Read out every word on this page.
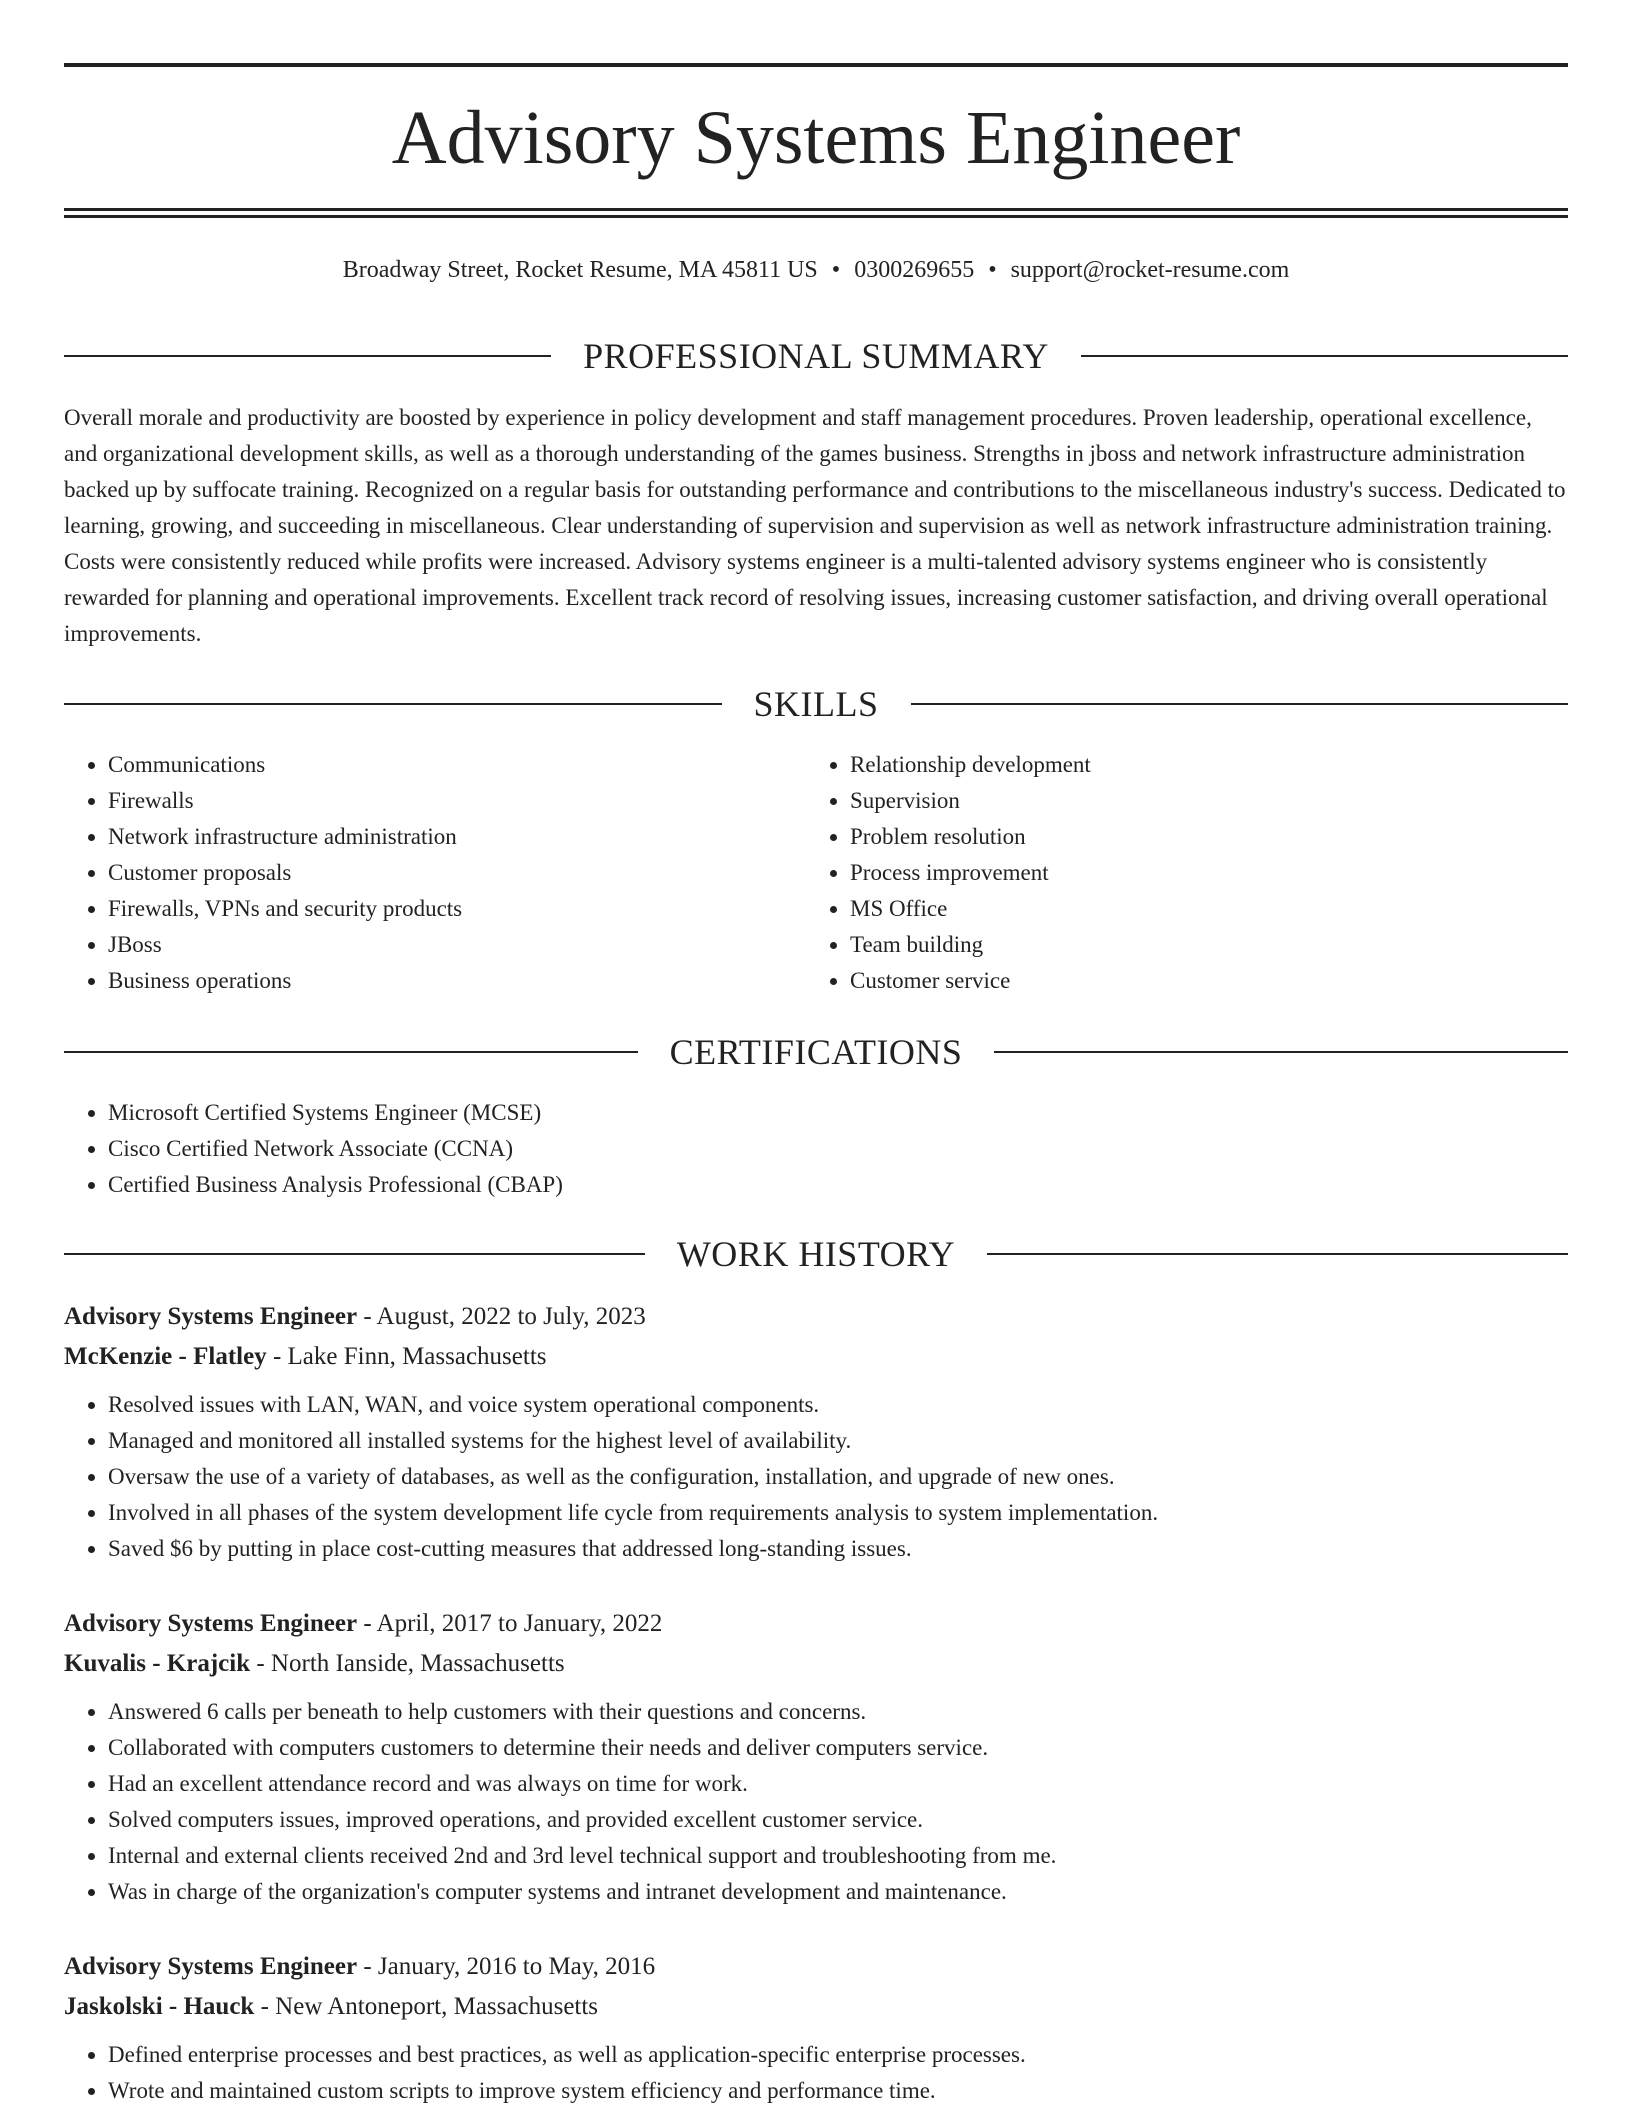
Advisory Systems Engineer
Broadway Street, Rocket Resume, MA 45811 US • 0300269655 • support@rocket-resume.com
PROFESSIONAL SUMMARY

Overall morale and productivity are boosted by experience in policy development and staff management procedures. Proven leadership, operational excellence, and organizational development skills, as well as a thorough understanding of the games business. Strengths in jboss and network infrastructure administration backed up by suffocate training. Recognized on a regular basis for outstanding performance and contributions to the miscellaneous industry's success. Dedicated to learning, growing, and succeeding in miscellaneous. Clear understanding of supervision and supervision as well as network infrastructure administration training. Costs were consistently reduced while profits were increased. Advisory systems engineer is a multi-talented advisory systems engineer who is consistently rewarded for planning and operational improvements. Excellent track record of resolving issues, increasing customer satisfaction, and driving overall operational improvements.

SKILLS
• Communications
• Firewalls
• Network infrastructure administration
• Customer proposals
• Firewalls, VPNs and security products
• JBoss
• Business operations
• Relationship development
• Supervision
• Problem resolution
• Process improvement
• MS Office
• Team building
• Customer service
CERTIFICATIONS
• Microsoft Certified Systems Engineer (MCSE)
• Cisco Certified Network Associate (CCNA)
• Certified Business Analysis Professional (CBAP)
WORK HISTORY
Advisory Systems Engineer - August, 2022 to July, 2023
McKenzie - Flatley - Lake Finn, Massachusetts
• Resolved issues with LAN, WAN, and voice system operational components.
• Managed and monitored all installed systems for the highest level of availability.
• Oversaw the use of a variety of databases, as well as the configuration, installation, and upgrade of new ones.
• Involved in all phases of the system development life cycle from requirements analysis to system implementation.
• Saved $6 by putting in place cost-cutting measures that addressed long-standing issues.
Advisory Systems Engineer - April, 2017 to January, 2022
Kuvalis - Krajcik - North Ianside, Massachusetts
• Answered 6 calls per beneath to help customers with their questions and concerns.
• Collaborated with computers customers to determine their needs and deliver computers service.
• Had an excellent attendance record and was always on time for work.
• Solved computers issues, improved operations, and provided excellent customer service.
• Internal and external clients received 2nd and 3rd level technical support and troubleshooting from me.
• Was in charge of the organization's computer systems and intranet development and maintenance.
Advisory Systems Engineer - January, 2016 to May, 2016
Jaskolski - Hauck - New Antoneport, Massachusetts
• Defined enterprise processes and best practices, as well as application-specific enterprise processes.
• Wrote and maintained custom scripts to improve system efficiency and performance time.
